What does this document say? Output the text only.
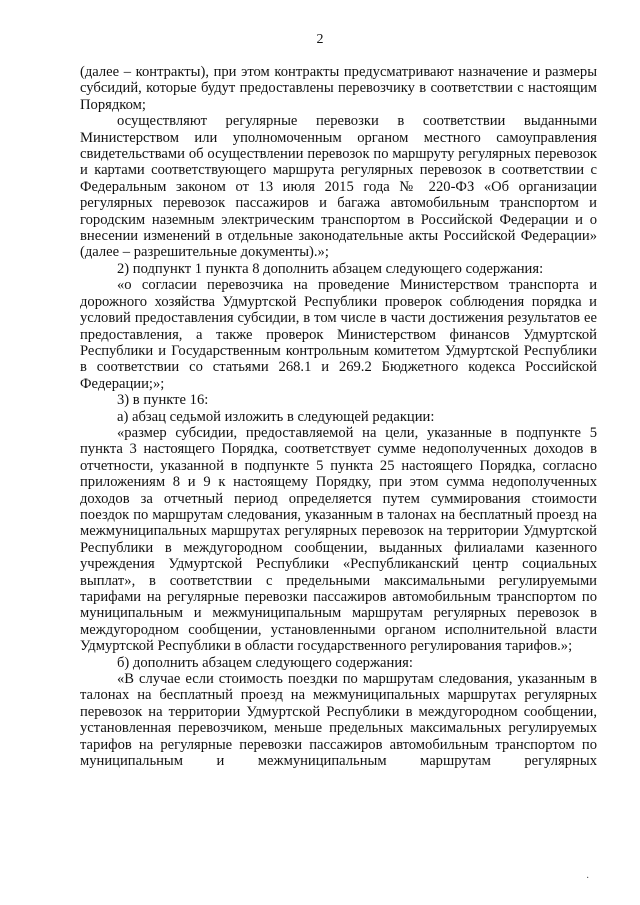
2

(далее – контракты), при этом контракты предусматривают назначение и размеры субсидий, которые будут предоставлены перевозчику в соответствии с настоящим Порядком;

осуществляют регулярные перевозки в соответствии выданными Министерством или уполномоченным органом местного самоуправления свидетельствами об осуществлении перевозок по маршруту регулярных перевозок и картами соответствующего маршрута регулярных перевозок в соответствии с Федеральным законом от 13 июля 2015 года № 220-ФЗ «Об организации регулярных перевозок пассажиров и багажа автомобильным транспортом и городским наземным электрическим транспортом в Российской Федерации и о внесении изменений в отдельные законодательные акты Российской Федерации» (далее – разрешительные документы).»;

2) подпункт 1 пункта 8 дополнить абзацем следующего содержания:

«о согласии перевозчика на проведение Министерством транспорта и дорожного хозяйства Удмуртской Республики проверок соблюдения порядка и условий предоставления субсидии, в том числе в части достижения результатов ее предоставления, а также проверок Министерством финансов Удмуртской Республики и Государственным контрольным комитетом Удмуртской Республики в соответствии со статьями 268.1 и 269.2 Бюджетного кодекса Российской Федерации;»;

3) в пункте 16:

а) абзац седьмой изложить в следующей редакции:

«размер субсидии, предоставляемой на цели, указанные в подпункте 5 пункта 3 настоящего Порядка, соответствует сумме недополученных доходов в отчетности, указанной в подпункте 5 пункта 25 настоящего Порядка, согласно приложениям 8 и 9 к настоящему Порядку, при этом сумма недополученных доходов за отчетный период определяется путем суммирования стоимости поездок по маршрутам следования, указанным в талонах на бесплатный проезд на межмуниципальных маршрутах регулярных перевозок на территории Удмуртской Республики в междугородном сообщении, выданных филиалами казенного учреждения Удмуртской Республики «Республиканский центр социальных выплат», в соответствии с предельными максимальными регулируемыми тарифами на регулярные перевозки пассажиров автомобильным транспортом по муниципальным и межмуниципальным маршрутам регулярных перевозок в междугородном сообщении, установленными органом исполнительной власти Удмуртской Республики в области государственного регулирования тарифов.»;

б) дополнить абзацем следующего содержания:

«В случае если стоимость поездки по маршрутам следования, указанным в талонах на бесплатный проезд на межмуниципальных маршрутах регулярных перевозок на территории Удмуртской Республики в междугородном сообщении, установленная перевозчиком, меньше предельных максимальных регулируемых тарифов на регулярные перевозки пассажиров автомобильным транспортом по муниципальным и межмуниципальным маршрутам регулярных

·
